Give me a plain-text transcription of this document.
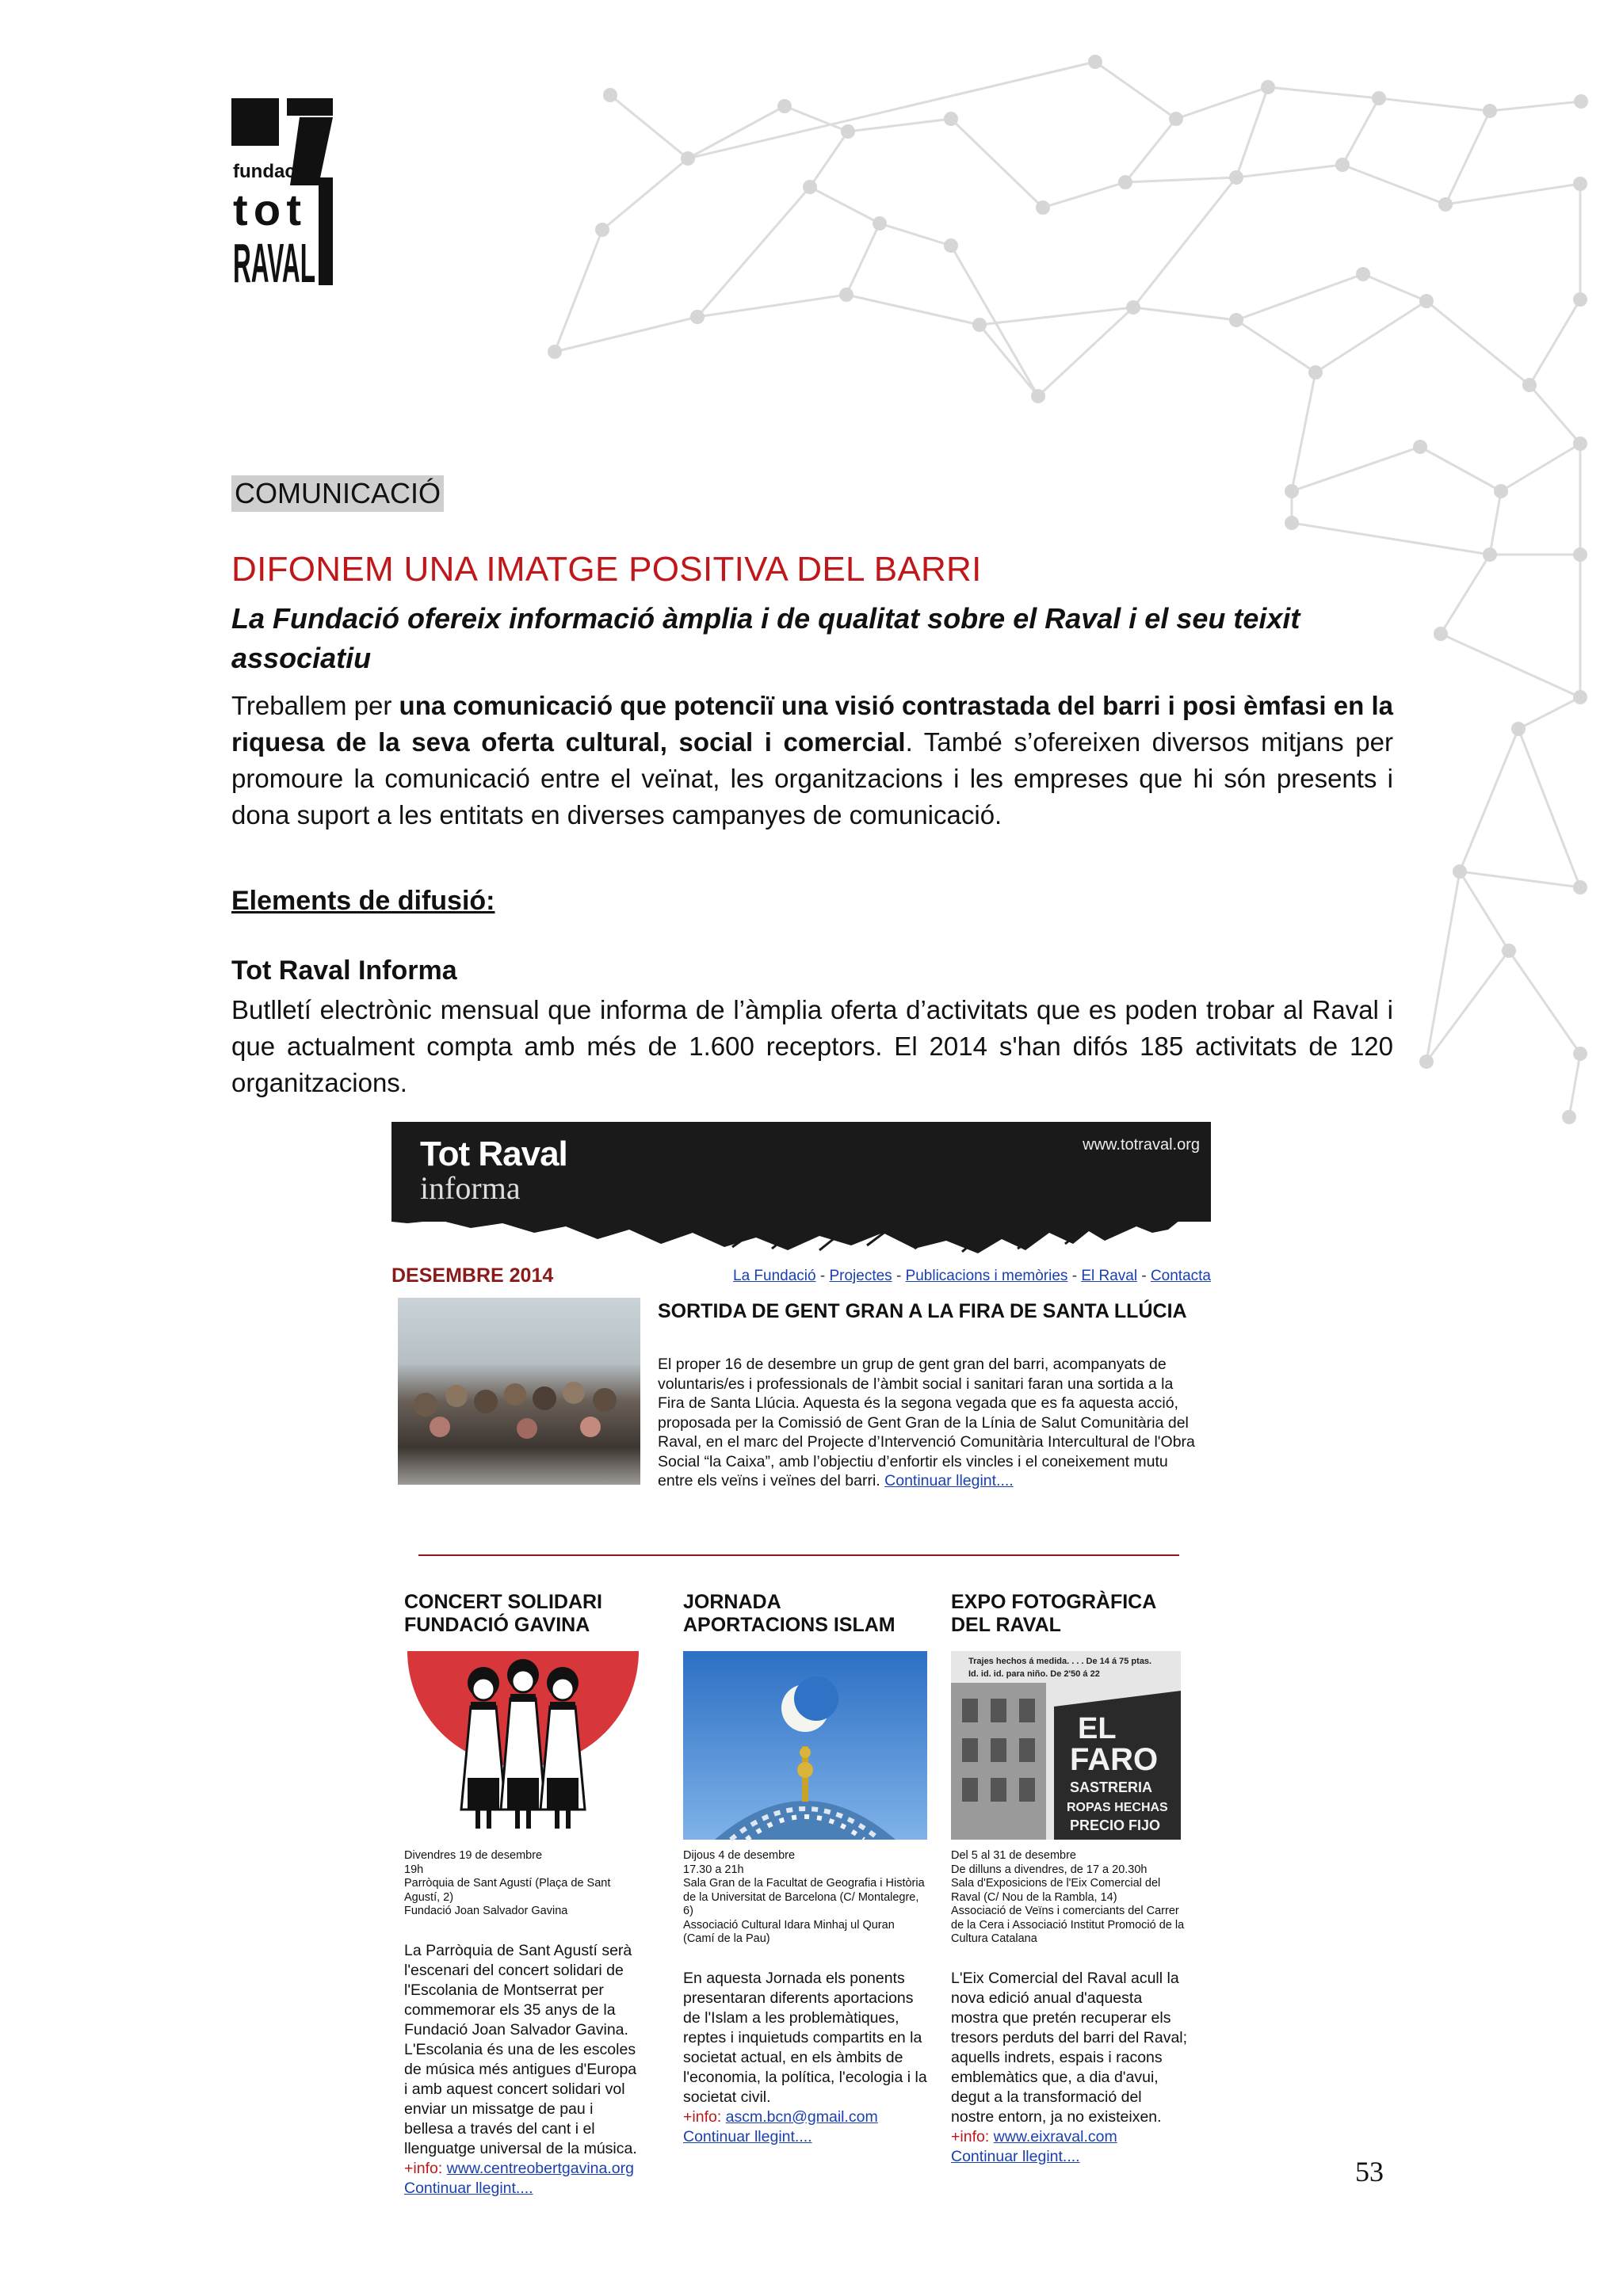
fundació
tot
RAVAL
COMUNICACIÓ
DIFONEM UNA IMATGE POSITIVA DEL BARRI
La Fundació ofereix informació àmplia i de qualitat sobre el Raval i el seu teixit associatiu
Treballem per una comunicació que potenciï una visió contrastada del barri i posi èmfasi en la riquesa de la seva oferta cultural, social i comercial. També s’ofereixen diversos mitjans per promoure la comunicació entre el veïnat, les organitzacions i les empreses que hi són presents i dona suport a les entitats en diverses campanyes de comunicació.
Elements de difusió:
Tot Raval Informa
Butlletí electrònic mensual que informa de l’àmplia oferta d’activitats que es poden trobar al Raval i que actualment compta amb més de 1.600 receptors. El 2014 s'han difós 185 activitats de 120 organitzacions.
Tot Raval
informa
www.totraval.org
DESEMBRE 2014	La Fundació - Projectes - Publicacions i memòries - El Raval - Contacta
SORTIDA DE GENT GRAN A LA FIRA DE SANTA LLÚCIA
El proper 16 de desembre un grup de gent gran del barri, acompanyats de voluntaris/es i professionals de l’àmbit social i sanitari faran una sortida a la Fira de Santa Llúcia. Aquesta és la segona vegada que es fa aquesta acció, proposada per la Comissió de Gent Gran de la Línia de Salut Comunitària del Raval, en el marc del Projecte d’Intervenció Comunitària Intercultural de l'Obra Social “la Caixa”, amb l’objectiu d’enfortir els vincles i el coneixement mutu entre els veïns i veïnes del barri. Continuar llegint....
CONCERT SOLIDARI FUNDACIÓ GAVINA
Divendres 19 de desembre
19h
Parròquia de Sant Agustí (Plaça de Sant Agustí, 2)
Fundació Joan Salvador Gavina
La Parròquia de Sant Agustí serà l'escenari del concert solidari de l'Escolania de Montserrat per commemorar els 35 anys de la Fundació Joan Salvador Gavina. L'Escolania és una de les escoles de música més antigues d'Europa i amb aquest concert solidari vol enviar un missatge de pau i bellesa a través del cant i el llenguatge universal de la música.
+info: www.centreobertgavina.org
Continuar llegint....
JORNADA APORTACIONS ISLAM
Dijous 4 de desembre
17.30 a 21h
Sala Gran de la Facultat de Geografia i Història de la Universitat de Barcelona (C/ Montalegre, 6)
Associació Cultural Idara Minhaj ul Quran (Camí de la Pau)
En aquesta Jornada els ponents presentaran diferents aportacions de l'Islam a les problemàtiques, reptes i inquietuds compartits en la societat actual, en els àmbits de l'economia, la política, l'ecologia i la societat civil.
+info: ascm.bcn@gmail.com
Continuar llegint....
EXPO FOTOGRÀFICA DEL RAVAL
Trajes hechos á medida. . . . De 14 á 75 ptas.
Id. id. id. para niño. De 2'50 á 22
EL
FARO
SASTRERIA
ROPAS HECHAS
PRECIO FIJO
Del 5 al 31 de desembre
De dilluns a divendres, de 17 a 20.30h
Sala d'Exposicions de l'Eix Comercial del Raval (C/ Nou de la Rambla, 14)
Associació de Veïns i comerciants del Carrer de la Cera i Associació Institut Promoció de la Cultura Catalana
L'Eix Comercial del Raval acull la nova edició anual d'aquesta mostra que pretén recuperar els tresors perduts del barri del Raval; aquells indrets, espais i racons emblemàtics que, a dia d'avui, degut a la transformació del nostre entorn, ja no existeixen.
+info: www.eixraval.com
Continuar llegint....	53
